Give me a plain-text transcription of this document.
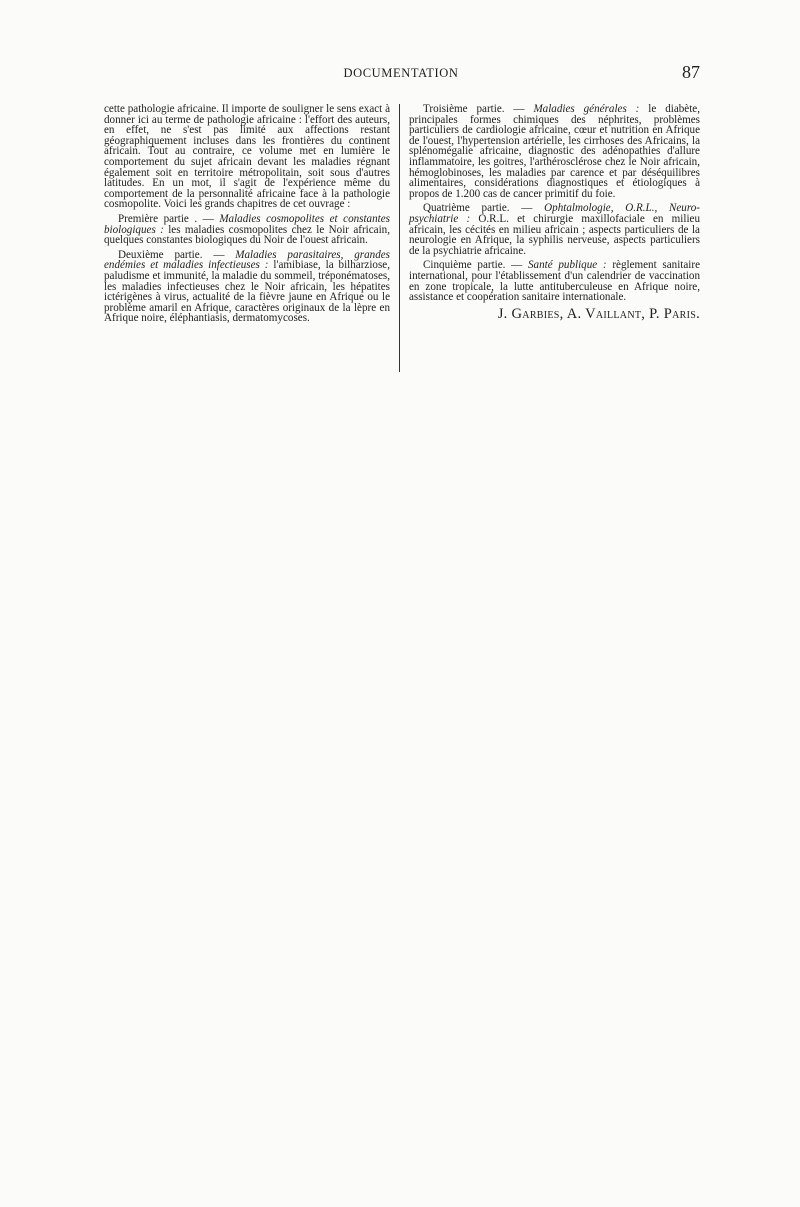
DOCUMENTATION	87

cette pathologie africaine. Il importe de souligner le sens exact à donner ici au terme de pathologie africaine : l'effort des auteurs, en effet, ne s'est pas limité aux affections restant géographiquement incluses dans les frontières du continent africain. Tout au contraire, ce volume met en lumière le comportement du sujet africain devant les maladies régnant également soit en territoire métropolitain, soit sous d'autres latitudes. En un mot, il s'agit de l'expérience même du comportement de la personnalité africaine face à la pathologie cosmopolite. Voici les grands chapitres de cet ouvrage :

Première partie . — Maladies cosmopolites et constantes biologiques : les maladies cosmopolites chez le Noir africain, quelques constantes biologiques du Noir de l'ouest africain.

Deuxième partie. — Maladies parasitaires, grandes endémies et maladies infectieuses : l'amibiase, la bilharziose, paludisme et immunité, la maladie du sommeil, tréponématoses, les maladies infectieuses chez le Noir africain, les hépatites ictérigènes à virus, actualité de la fièvre jaune en Afrique ou le problème amaril en Afrique, caractères originaux de la lèpre en Afrique noire, éléphantiasis, dermatomycoses.

Troisième partie. — Maladies générales : le diabète, principales formes chimiques des néphrites, problèmes particuliers de cardiologie africaine, cœur et nutrition en Afrique de l'ouest, l'hypertension artérielle, les cirrhoses des Africains, la splénomégalie africaine, diagnostic des adénopathies d'allure inflammatoire, les goitres, l'arthérosclérose chez le Noir africain, hémoglobinoses, les maladies par carence et par déséquilibres alimentaires, considérations diagnostiques et étiologiques à propos de 1.200 cas de cancer primitif du foie.

Quatrième partie. — Ophtalmologie, O.R.L., Neuro-psychiatrie : O.R.L. et chirurgie maxillofaciale en milieu africain, les cécités en milieu africain ; aspects particuliers de la neurologie en Afrique, la syphilis nerveuse, aspects particuliers de la psychiatrie africaine.

Cinquième partie. — Santé publique : règlement sanitaire international, pour l'établissement d'un calendrier de vaccination en zone tropicale, la lutte antituberculeuse en Afrique noire, assistance et coopération sanitaire internationale.

J. Garbies, A. Vaillant, P. Paris.
